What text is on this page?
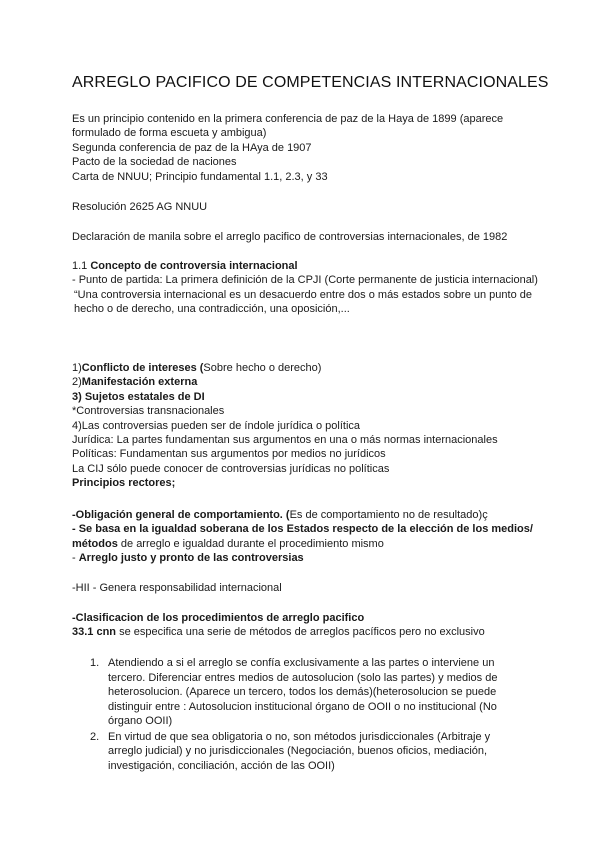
ARREGLO PACIFICO DE COMPETENCIAS INTERNACIONALES

Es un principio contenido en la primera conferencia de paz de la Haya de 1899 (aparece formulado de forma escueta y ambigua)

Segunda conferencia de paz de la HAya de 1907

Pacto de la sociedad de naciones

Carta de NNUU; Principio fundamental 1.1, 2.3, y 33

Resolución 2625 AG NNUU

Declaración de manila sobre el arreglo pacifico de controversias internacionales, de 1982

1.1 Concepto de controversia internacional

- Punto de partida: La primera definición de la CPJI (Corte permanente de justicia internacional)

“Una controversia internacional es un desacuerdo entre dos o más estados sobre un punto de hecho o de derecho, una contradicción, una oposición,...

1)Conflicto de intereses (Sobre hecho o derecho)

2)Manifestación externa

3) Sujetos estatales de DI

*Controversias transnacionales

4)Las controversias pueden ser de índole jurídica o política

Jurídica: La partes fundamentan sus argumentos en una o más normas internacionales

Políticas: Fundamentan sus argumentos por medios no jurídicos

La CIJ sólo puede conocer de controversias jurídicas no políticas

Principios rectores;

-Obligación general de comportamiento. (Es de comportamiento no de resultado)ç

- Se basa en la igualdad soberana de los Estados respecto de la elección de los medios/ métodos de arreglo e igualdad durante el procedimiento mismo

- Arreglo justo y pronto de las controversias

-HII - Genera responsabilidad internacional

-Clasificacion de los procedimientos de arreglo pacifico

33.1 cnn se especifica una serie de métodos de arreglos pacíficos pero no exclusivo

1. Atendiendo a si el arreglo se confía exclusivamente a las partes o interviene un tercero. Diferenciar entres medios de autosolucion (solo las partes) y medios de heterosolucion. (Aparece un tercero, todos los demás)(heterosolucion se puede distinguir entre : Autosolucion institucional órgano de OOII o no institucional (No órgano OOII)
2. En virtud de que sea obligatoria o no, son métodos jurisdiccionales (Arbitraje y arreglo judicial) y no jurisdiccionales (Negociación, buenos oficios, mediación, investigación, conciliación, acción de las OOII)
